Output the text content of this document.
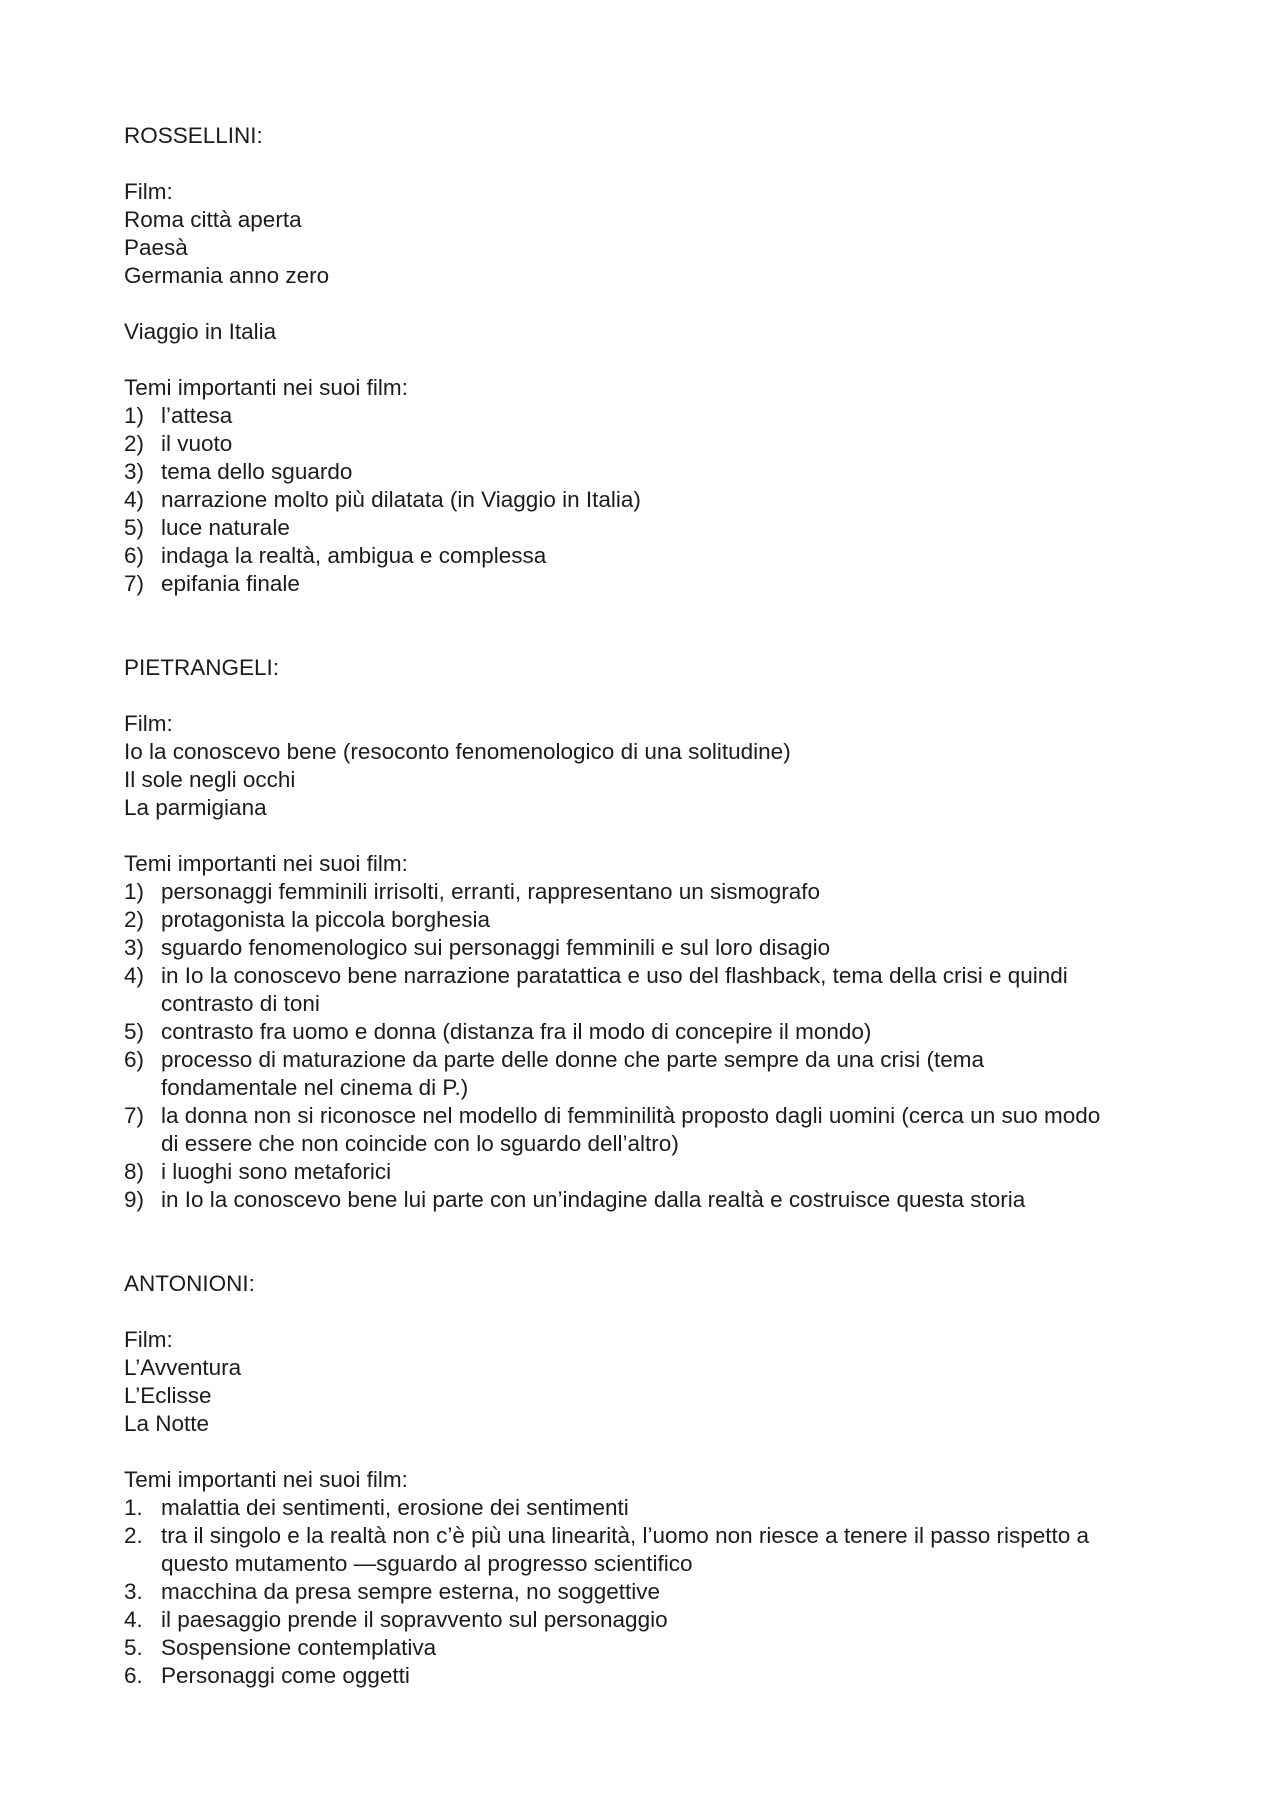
ROSSELLINI:
Film:
Roma città aperta
Paesà
Germania anno zero
Viaggio in Italia
Temi importanti nei suoi film:
1) l’attesa
2) il vuoto
3) tema dello sguardo
4) narrazione molto più dilatata (in Viaggio in Italia)
5) luce naturale
6) indaga la realtà, ambigua e complessa
7) epifania finale
PIETRANGELI:
Film:
Io la conoscevo bene (resoconto fenomenologico di una solitudine)
Il sole negli occhi
La parmigiana
Temi importanti nei suoi film:
1) personaggi femminili irrisolti, erranti, rappresentano un sismografo
2) protagonista la piccola borghesia
3) sguardo fenomenologico sui personaggi femminili e sul loro disagio
4) in Io la conoscevo bene narrazione paratattica e uso del flashback, tema della crisi e quindi
contrasto di toni
5) contrasto fra uomo e donna (distanza fra il modo di concepire il mondo)
6) processo di maturazione da parte delle donne che parte sempre da una crisi (tema
fondamentale nel cinema di P.)
7) la donna non si riconosce nel modello di femminilità proposto dagli uomini (cerca un suo modo
di essere che non coincide con lo sguardo dell’altro)
8) i luoghi sono metaforici
9) in Io la conoscevo bene lui parte con un’indagine dalla realtà e costruisce questa storia
ANTONIONI:
Film:
L’Avventura
L’Eclisse
La Notte
Temi importanti nei suoi film:
1. malattia dei sentimenti, erosione dei sentimenti
2. tra il singolo e la realtà non c’è più una linearità, l’uomo non riesce a tenere il passo rispetto a
questo mutamento —sguardo al progresso scientifico
3. macchina da presa sempre esterna, no soggettive
4. il paesaggio prende il sopravvento sul personaggio
5. Sospensione contemplativa
6. Personaggi come oggetti
